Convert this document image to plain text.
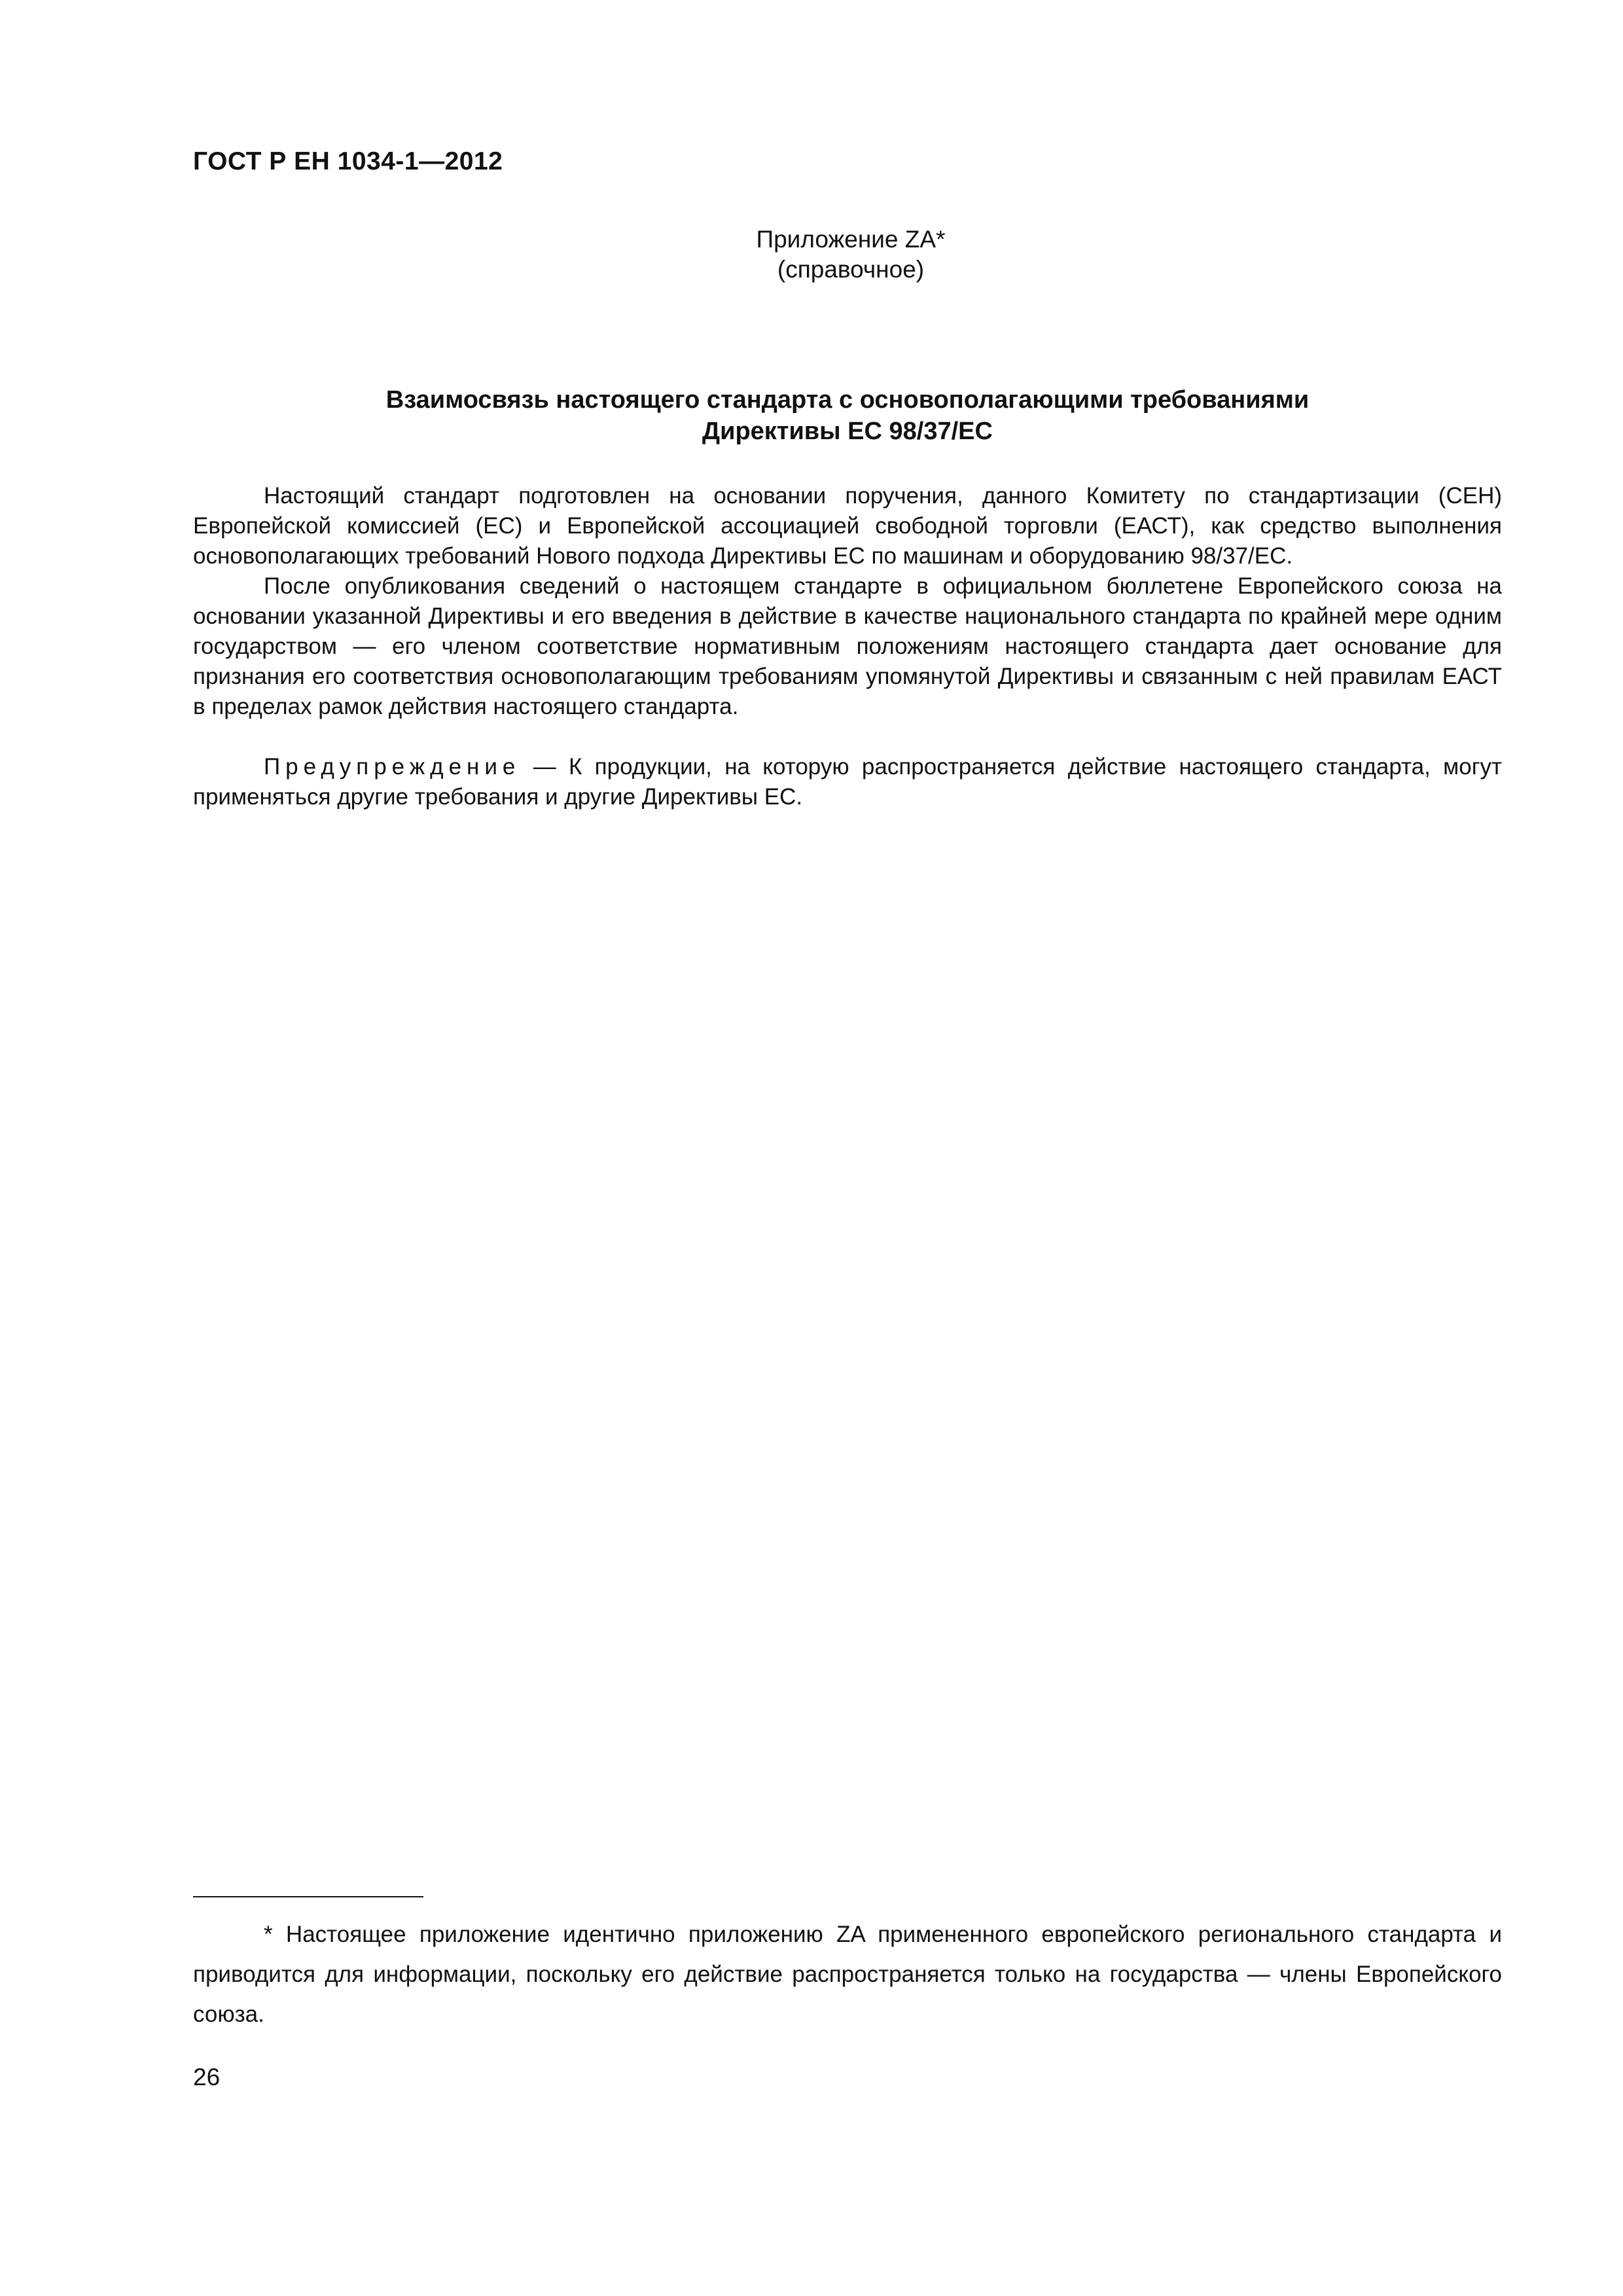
ГОСТ Р ЕН 1034-1—2012
Приложение ZA*
(справочное)
Взаимосвязь настоящего стандарта с основополагающими требованиями
Директивы ЕС 98/37/ЕС

Настоящий стандарт подготовлен на основании поручения, данного Комитету по стандартизации (СЕН) Европейской комиссией (ЕС) и Европейской ассоциацией свободной торговли (ЕАСТ), как средство выполнения основополагающих требований Нового подхода Директивы ЕС по машинам и оборудованию 98/37/ЕС.

После опубликования сведений о настоящем стандарте в официальном бюллетене Европейского союза на основании указанной Директивы и его введения в действие в качестве национального стандарта по крайней мере одним государством — его членом соответствие нормативным положениям настоящего стандарта дает основание для признания его соответствия основополагающим требованиям упомянутой Директивы и связанным с ней правилам ЕАСТ в пределах рамок действия настоящего стандарта.

Предупреждение — К продукции, на которую распространяется действие настоящего стандарта, могут применяться другие требования и другие Директивы ЕС.

* Настоящее приложение идентично приложению ZA примененного европейского регионального стандарта и приводится для информации, поскольку его действие распространяется только на государства — члены Европейского союза.

26
